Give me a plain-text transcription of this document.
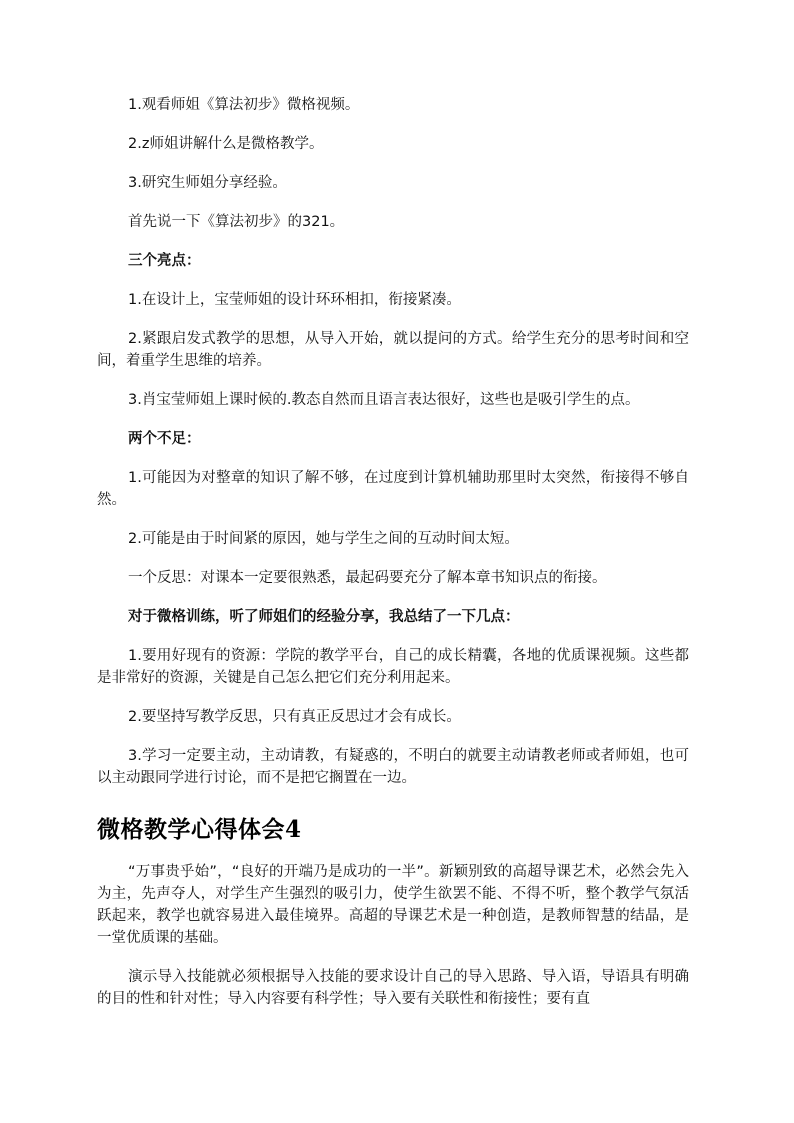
1.观看师姐《算法初步》微格视频。

2.z师姐讲解什么是微格教学。

3.研究生师姐分享经验。

首先说一下《算法初步》的321。

三个亮点：

1.在设计上，宝莹师姐的设计环环相扣，衔接紧凑。

2.紧跟启发式教学的思想，从导入开始，就以提问的方式。给学生充分的思考时间和空间，着重学生思维的培养。

3.肖宝莹师姐上课时候的.教态自然而且语言表达很好，这些也是吸引学生的点。

两个不足：

1.可能因为对整章的知识了解不够，在过度到计算机辅助那里时太突然，衔接得不够自然。

2.可能是由于时间紧的原因，她与学生之间的互动时间太短。

一个反思：对课本一定要很熟悉，最起码要充分了解本章书知识点的衔接。

对于微格训练，听了师姐们的经验分享，我总结了一下几点：

1.要用好现有的资源：学院的教学平台，自己的成长精囊，各地的优质课视频。这些都是非常好的资源，关键是自己怎么把它们充分利用起来。

2.要坚持写教学反思，只有真正反思过才会有成长。

3.学习一定要主动，主动请教，有疑惑的，不明白的就要主动请教老师或者师姐，也可以主动跟同学进行讨论，而不是把它搁置在一边。

微格教学心得体会4

“万事贵乎始”，“良好的开端乃是成功的一半”。新颖别致的高超导课艺术，必然会先入为主，先声夺人，对学生产生强烈的吸引力，使学生欲罢不能、不得不听，整个教学气氛活跃起来，教学也就容易进入最佳境界。高超的导课艺术是一种创造，是教师智慧的结晶，是一堂优质课的基础。

演示导入技能就必须根据导入技能的要求设计自己的导入思路、导入语，导语具有明确的目的性和针对性；导入内容要有科学性；导入要有关联性和衔接性；要有直
